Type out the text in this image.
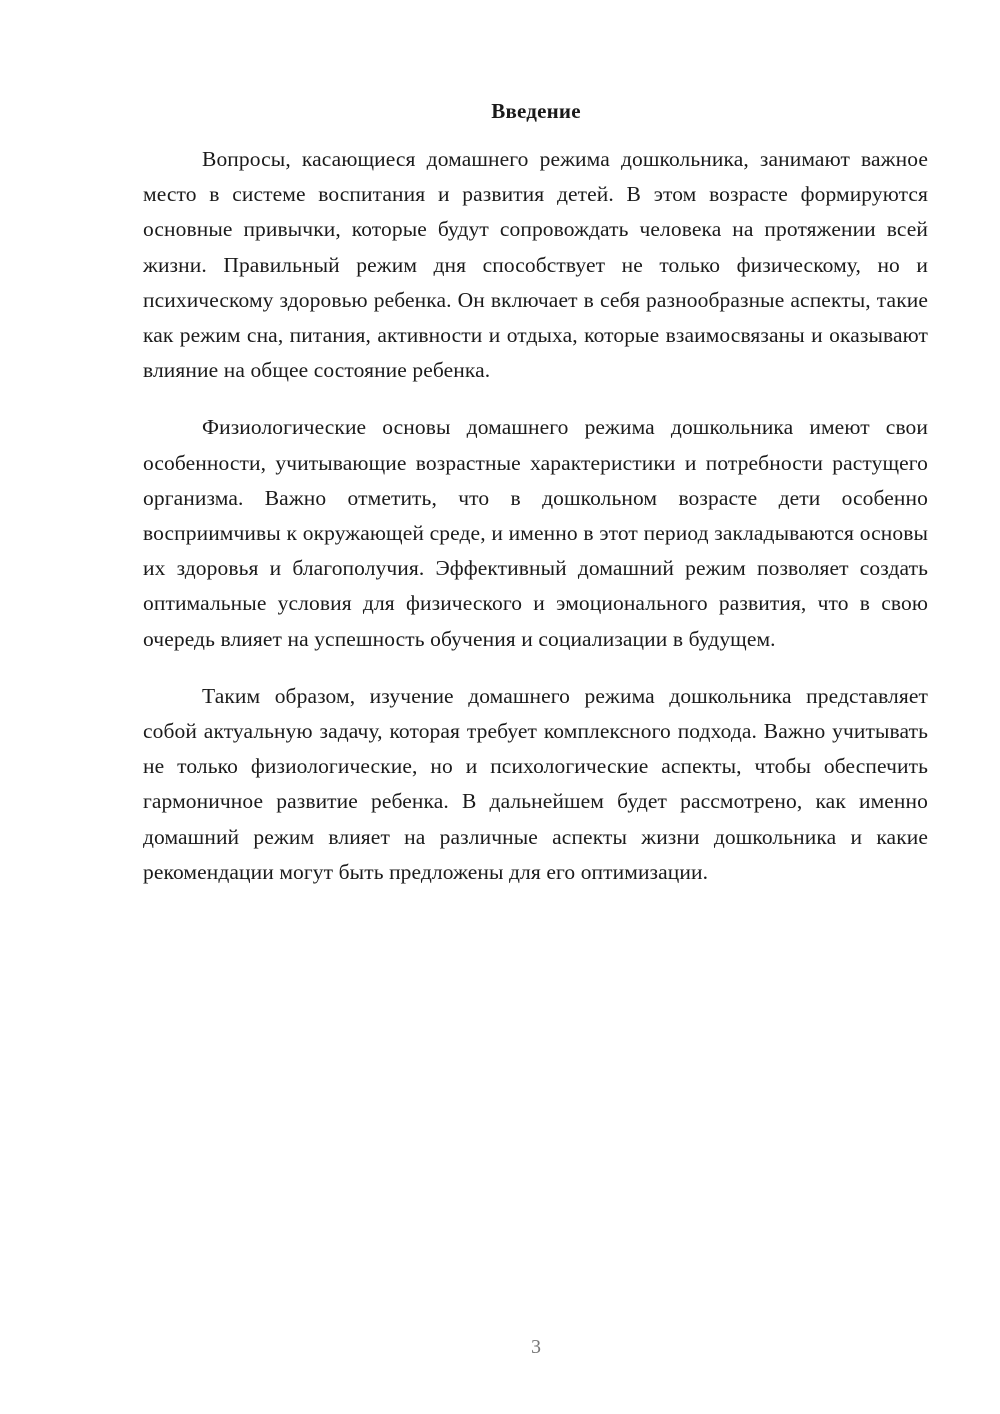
Введение

Вопросы, касающиеся домашнего режима дошкольника, занимают важное место в системе воспитания и развития детей. В этом возрасте формируются основные привычки, которые будут сопровождать человека на протяжении всей жизни. Правильный режим дня способствует не только физическому, но и психическому здоровью ребенка. Он включает в себя разнообразные аспекты, такие как режим сна, питания, активности и отдыха, которые взаимосвязаны и оказывают влияние на общее состояние ребенка.

Физиологические основы домашнего режима дошкольника имеют свои особенности, учитывающие возрастные характеристики и потребности растущего организма. Важно отметить, что в дошкольном возрасте дети особенно восприимчивы к окружающей среде, и именно в этот период закладываются основы их здоровья и благополучия. Эффективный домашний режим позволяет создать оптимальные условия для физического и эмоционального развития, что в свою очередь влияет на успешность обучения и социализации в будущем.

Таким образом, изучение домашнего режима дошкольника представляет собой актуальную задачу, которая требует комплексного подхода. Важно учитывать не только физиологические, но и психологические аспекты, чтобы обеспечить гармоничное развитие ребенка. В дальнейшем будет рассмотрено, как именно домашний режим влияет на различные аспекты жизни дошкольника и какие рекомендации могут быть предложены для его оптимизации.

3
